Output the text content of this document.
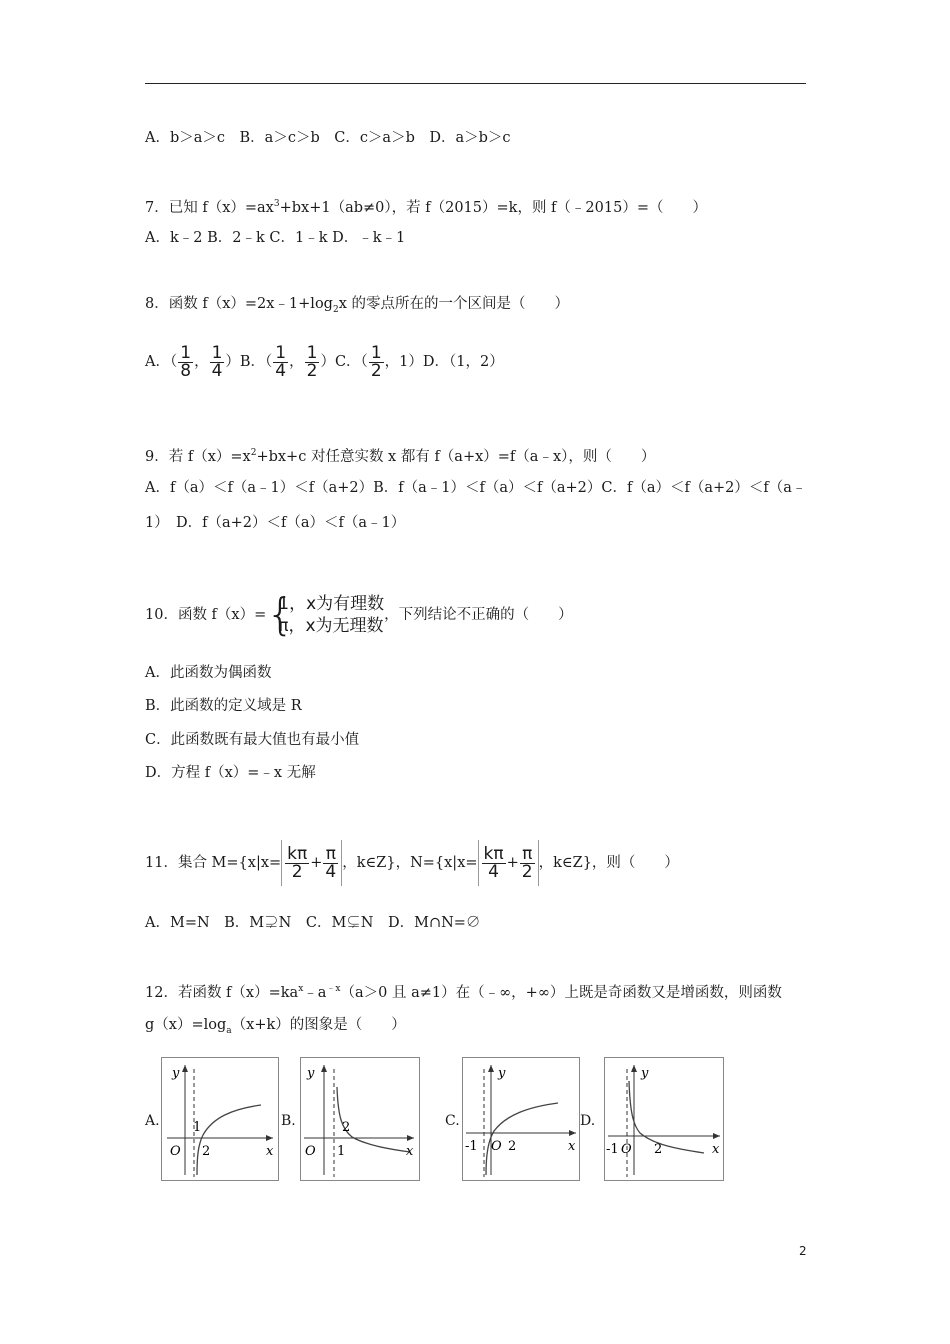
A．b＞a＞c　B．a＞c＞b　C．c＞a＞b　D．a＞b＞c
7．已知 $f(x)=ax^3+bx+1(ab\ne 0)$，若 f（2015）=k，则 f（﹣2015）=（　　）
A．k﹣2 B．2﹣k C．1﹣k D．﹣k﹣1
8．函数 $f(x)=2x﹣1+\log_2x$ 的零点所在的一个区间是（　　）
A．（ $\frac{1}{8}$ ， $\frac{1}{4} )B$．（ $\frac{1}{4}$ ， $\frac{1}{2} )C$．（ $\frac{1}{2}$ ，1）D．（1，2）
9．若 $f(x)=x^2+bx+c$ 对任意实数 x 都有 f（a+x）=f（a﹣x），则（　　）
A．f（a）＜f（a﹣1）＜f（a+2）B．f（a﹣1）＜f（a）＜f（a+2）C．f（a）＜f（a+2）＜f（a﹣
1）　D．f（a+2）＜f（a）＜f（a﹣1）
10．函数 f（x）= {
1，x为有理数
π，x为无理数
，下列结论不正确的（　　）
A．此函数为偶函数
B．此函数的定义域是 R
C．此函数既有最大值也有最小值
D．方程 f（x）=﹣x 无解
11．集合 $M=\{x|x= \frac{k\pi}{2} + \frac{\pi}{4}$ ，k∈Z}，$N=\{x|x= \frac{k\pi}{4} + \frac{\pi}{2}$ ，k∈Z}，则（　　）
A．M=N　B．M⊋N　C．M⊊N　D．M∩N=∅
12．若函数 $f(x)=ka^x﹣a^{﹣x}(a>0$ 且 a≠1）在（﹣∞，+∞）上既是奇函数又是增函数，则函数
$g(x)=\log_a(x+k)$的图象是（　　）
A.	B.	C.	D.
y
x
O
1
2
y
x
O 1
2
y
x
O
-1 2
y
x
O
-1	2
2
